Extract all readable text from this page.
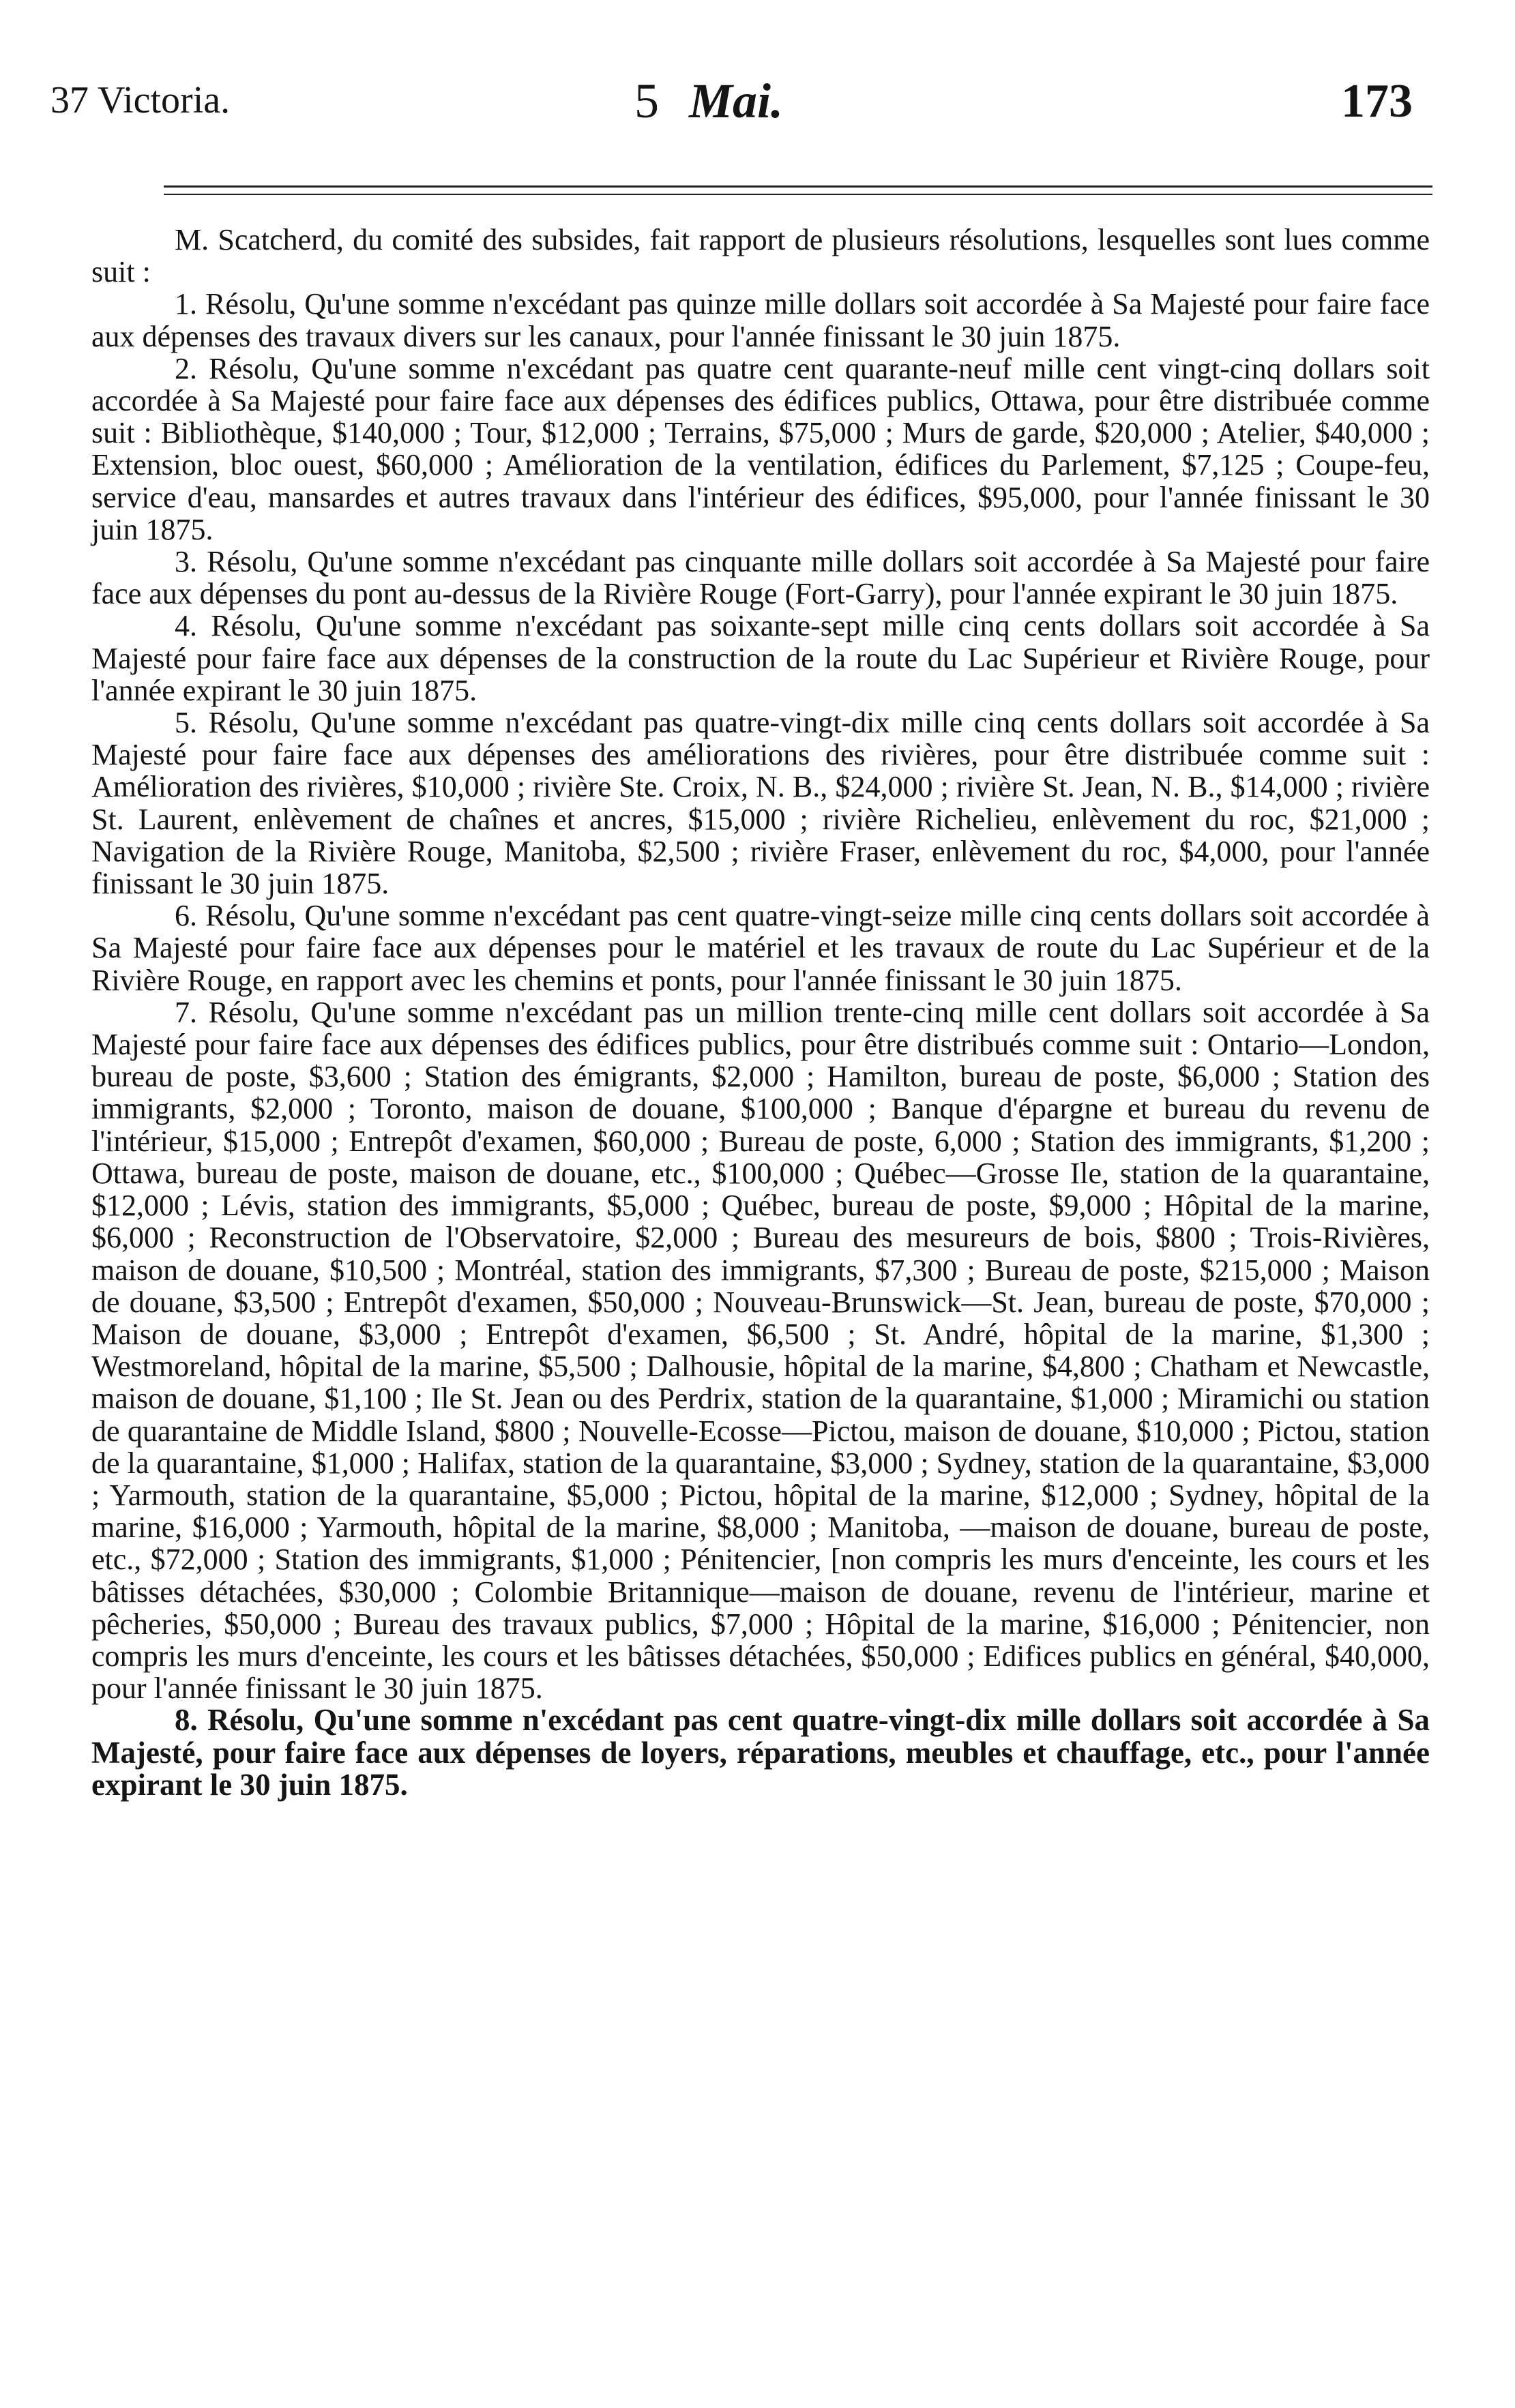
37 Victoria.	5 Mai.	173

M. Scatcherd, du comité des subsides, fait rapport de plusieurs résolutions, lesquelles sont lues comme suit :

1. Résolu, Qu'une somme n'excédant pas quinze mille dollars soit accordée à Sa Majesté pour faire face aux dépenses des travaux divers sur les canaux, pour l'année finissant le 30 juin 1875.

2. Résolu, Qu'une somme n'excédant pas quatre cent quarante-neuf mille cent vingt-cinq dollars soit accordée à Sa Majesté pour faire face aux dépenses des édifices publics, Ottawa, pour être distribuée comme suit : Bibliothèque, $140,000 ; Tour, $12,000 ; Terrains, $75,000 ; Murs de garde, $20,000 ; Atelier, $40,000 ; Extension, bloc ouest, $60,000 ; Amélioration de la ventilation, édifices du Parlement, $7,125 ; Coupe-feu, service d'eau, mansardes et autres travaux dans l'intérieur des édifices, $95,000, pour l'année finissant le 30 juin 1875.

3. Résolu, Qu'une somme n'excédant pas cinquante mille dollars soit accordée à Sa Majesté pour faire face aux dépenses du pont au-dessus de la Rivière Rouge (Fort-Garry), pour l'année expirant le 30 juin 1875.

4. Résolu, Qu'une somme n'excédant pas soixante-sept mille cinq cents dollars soit accordée à Sa Majesté pour faire face aux dépenses de la construction de la route du Lac Supérieur et Rivière Rouge, pour l'année expirant le 30 juin 1875.

5. Résolu, Qu'une somme n'excédant pas quatre-vingt-dix mille cinq cents dollars soit accordée à Sa Majesté pour faire face aux dépenses des améliorations des rivières, pour être distribuée comme suit : Amélioration des rivières, $10,000 ; rivière Ste. Croix, N. B., $24,000 ; rivière St. Jean, N. B., $14,000 ; rivière St. Laurent, enlèvement de chaînes et ancres, $15,000 ; rivière Richelieu, enlèvement du roc, $21,000 ; Navigation de la Rivière Rouge, Manitoba, $2,500 ; rivière Fraser, enlèvement du roc, $4,000, pour l'année finissant le 30 juin 1875.

6. Résolu, Qu'une somme n'excédant pas cent quatre-vingt-seize mille cinq cents dollars soit accordée à Sa Majesté pour faire face aux dépenses pour le matériel et les travaux de route du Lac Supérieur et de la Rivière Rouge, en rapport avec les chemins et ponts, pour l'année finissant le 30 juin 1875.

7. Résolu, Qu'une somme n'excédant pas un million trente-cinq mille cent dollars soit accordée à Sa Majesté pour faire face aux dépenses des édifices publics, pour être distribués comme suit : Ontario—London, bureau de poste, $3,600 ; Station des émigrants, $2,000 ; Hamilton, bureau de poste, $6,000 ; Station des immigrants, $2,000 ; Toronto, maison de douane, $100,000 ; Banque d'épargne et bureau du revenu de l'intérieur, $15,000 ; Entrepôt d'examen, $60,000 ; Bureau de poste, 6,000 ; Station des immigrants, $1,200 ; Ottawa, bureau de poste, maison de douane, etc., $100,000 ; Québec—Grosse Ile, station de la quarantaine, $12,000 ; Lévis, station des immigrants, $5,000 ; Québec, bureau de poste, $9,000 ; Hôpital de la marine, $6,000 ; Reconstruction de l'Observatoire, $2,000 ; Bureau des mesureurs de bois, $800 ; Trois-Rivières, maison de douane, $10,500 ; Montréal, station des immigrants, $7,300 ; Bureau de poste, $215,000 ; Maison de douane, $3,500 ; Entrepôt d'examen, $50,000 ; Nouveau-Brunswick—St. Jean, bureau de poste, $70,000 ; Maison de douane, $3,000 ; Entrepôt d'examen, $6,500 ; St. André, hôpital de la marine, $1,300 ; Westmoreland, hôpital de la marine, $5,500 ; Dalhousie, hôpital de la marine, $4,800 ; Chatham et Newcastle, maison de douane, $1,100 ; Ile St. Jean ou des Perdrix, station de la quarantaine, $1,000 ; Miramichi ou station de quarantaine de Middle Island, $800 ; Nouvelle-Ecosse—Pictou, maison de douane, $10,000 ; Pictou, station de la quarantaine, $1,000 ; Halifax, station de la quarantaine, $3,000 ; Sydney, station de la quarantaine, $3,000 ; Yarmouth, station de la quarantaine, $5,000 ; Pictou, hôpital de la marine, $12,000 ; Sydney, hôpital de la marine, $16,000 ; Yarmouth, hôpital de la marine, $8,000 ; Manitoba, —maison de douane, bureau de poste, etc., $72,000 ; Station des immigrants, $1,000 ; Pénitencier, [non compris les murs d'enceinte, les cours et les bâtisses détachées, $30,000 ; Colombie Britannique—maison de douane, revenu de l'intérieur, marine et pêcheries, $50,000 ; Bureau des travaux publics, $7,000 ; Hôpital de la marine, $16,000 ; Pénitencier, non compris les murs d'enceinte, les cours et les bâtisses détachées, $50,000 ; Edifices publics en général, $40,000, pour l'année finissant le 30 juin 1875.

8. Résolu, Qu'une somme n'excédant pas cent quatre-vingt-dix mille dollars soit accordée à Sa Majesté, pour faire face aux dépenses de loyers, réparations, meubles et chauffage, etc., pour l'année expirant le 30 juin 1875.
